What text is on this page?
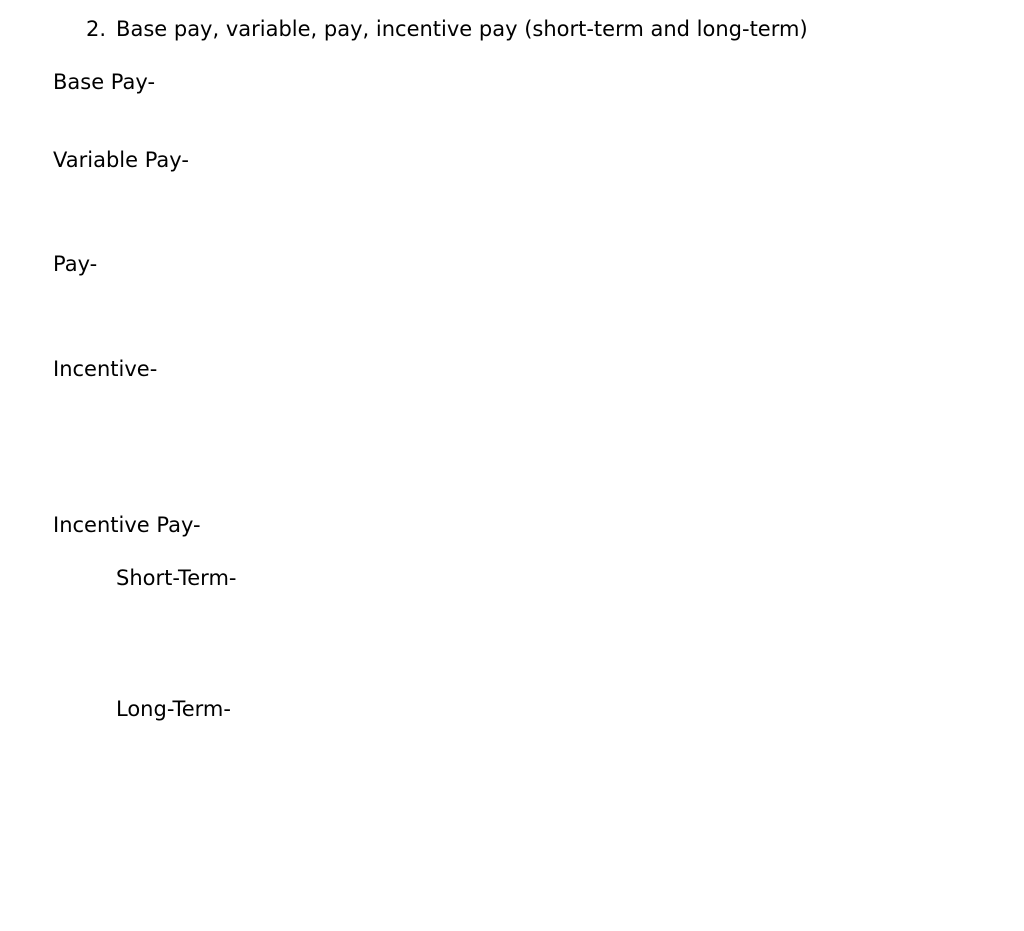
2. Base pay, variable, pay, incentive pay (short-term and long-term)
Base Pay-
Variable Pay-
Pay-
Incentive-
Incentive Pay-
Short-Term-
Long-Term-
